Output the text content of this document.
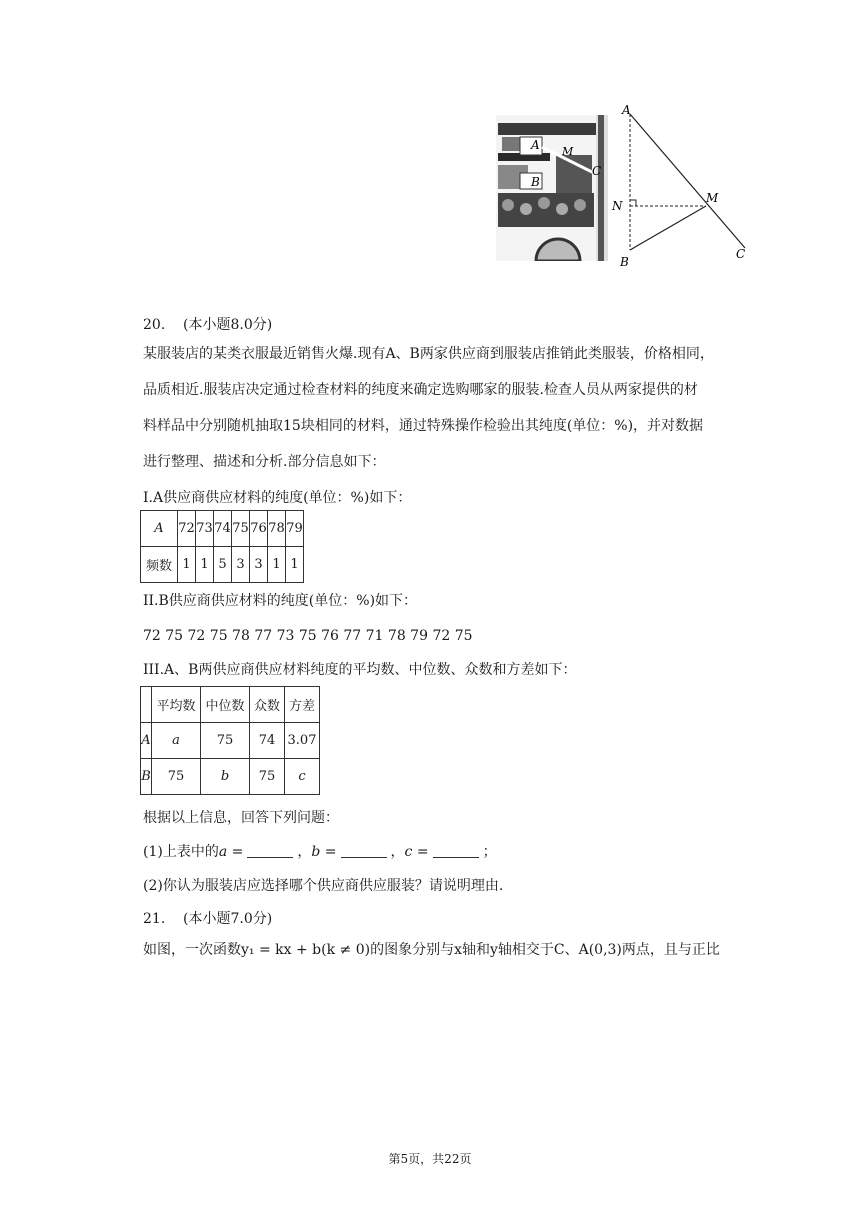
A M
C
B
A
N
M
B
C
20. (本小题8.0分)
某服装店的某类衣服最近销售火爆.现有A、B两家供应商到服装店推销此类服装，价格相同，
品质相近.服装店决定通过检查材料的纯度来确定选购哪家的服装.检查人员从两家提供的材
料样品中分别随机抽取15块相同的材料，通过特殊操作检验出其纯度(单位：%)，并对数据
进行整理、描述和分析.部分信息如下：
I.A供应商供应材料的纯度(单位：%)如下：
A	72	73	74	75	76	78	79
频数	1	1	5	3	3	1	1
II.B供应商供应材料的纯度(单位：%)如下：
72 75 72 75 78 77 73 75 76 77 71 78 79 72 75
III.A、B两供应商供应材料纯度的平均数、中位数、众数和方差如下：
	平均数	中位数	众数	方差
A	a	75	74	3.07
B	75	b	75	c
根据以上信息，回答下列问题：
(1)上表中的a =	，b =	，c =	；
(2)你认为服装店应选择哪个供应商供应服装？请说明理由.
21. (本小题7.0分)
如图，一次函数y₁ = kx + b(k ≠ 0)的图象分别与x轴和y轴相交于C、A(0,3)两点，且与正比
第5页，共22页
